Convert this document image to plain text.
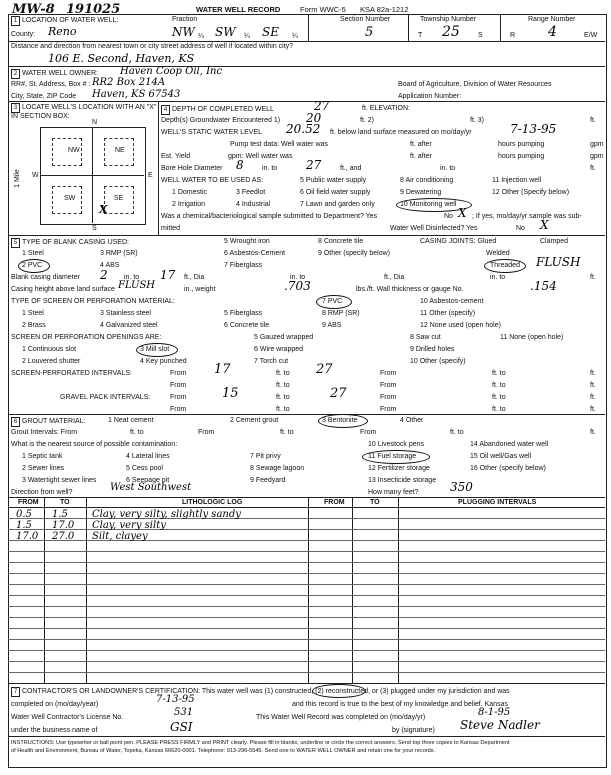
MW-8 191025	WATER WELL RECORD	Form WWC-5 KSA 82a-1212
1 LOCATION OF WATER WELL:
County: Reno
Fraction
NW ¼ SW ¼ SE ¼
Section Number
5
Township Number
T 25	S
Range Number
R 4	E/W
Distance and direction from nearest town or city street address of well if located within city?
106 E. Second, Haven, KS
2 WATER WELL OWNER: Haven Coop Oil, Inc
RR#, St. Address, Box # : RR2 Box 214A	Board of Agriculture, Division of Water Resources
City, State, ZIP Code Haven, KS 67543	Application Number:
3 LOCATE WELL'S LOCATION WITH AN "X" IN SECTION BOX:
N
NW	NE
SW	SE
X
W	E
S
1 Mile
4 DEPTH OF COMPLETED WELL	27	ft. ELEVATION:
Depth(s) Groundwater Encountered 1) 20	ft. 2)	ft. 3)	ft.
WELL'S STATIC WATER LEVEL 20.52 ft. below land surface measured on mo/day/yr	7-13-95
Pump test data: Well water was	ft. after	hours pumping	gpm
Est. Yield	gpm: Well water was	ft. after	hours pumping	gpm
Bore Hole Diameter 8	in. to 27	ft., and	in. to	ft.
WELL WATER TO BE USED AS:	5 Public water supply	8 Air conditioning	11 Injection well
1 Domestic	3 Feedlot	6 Oil field water supply	9 Dewatering	12 Other (Specify below)
2 Irrigation	4 Industrial	7 Lawn and garden only	10 Monitoring well
Was a chemical/bacteriological sample submitted to Department? Yes	No X ; If yes, mo/day/yr sample was sub-
mitted	Water Well Disinfected? Yes	No X
5 TYPE OF BLANK CASING USED:	5 Wrought iron	8 Concrete tile	CASING JOINTS: Glued	Clamped
1 Steel	3 RMP (SR)	6 Asbestos-Cement	9 Other (specify below)
2 PVC	4 ABS	7 Fiberglass
Welded
Threaded FLUSH
Blank casing diameter 2 in. to 17 ft., Dia	in. to	ft., Dia	in. to	ft.
Casing height above land surface FLUSH	in., weight	.703	lbs./ft. Wall thickness or gauge No.	.154
TYPE OF SCREEN OR PERFORATION MATERIAL:	7 PVC	10 Asbestos-cement
1 Steel	3 Stainless steel	5 Fiberglass	8 RMP (SR)	11 Other (specify)
2 Brass	4 Galvanized steel	6 Concrete tile	9 ABS	12 None used (open hole)
SCREEN OR PERFORATION OPENINGS ARE:
1 Continuous slot	3 Mill slot
5 Gauzed wrapped	8 Saw cut	11 None (open hole)
6 Wire wrapped	9 Drilled holes
2 Louvered shutter	4 Key punched	7 Torch cut	10 Other (specify)
SCREEN-PERFORATED INTERVALS:	From 17	ft. to 27	From	ft. to	ft.
From	ft. to	From	ft. to	ft.
GRAVEL PACK INTERVALS:	From	15	ft. to	27	From	ft. to	ft.
From	ft. to	From	ft. to	ft.
6 GROUT MATERIAL:	1 Neat cement	2 Cement grout	3 Bentonite	4 Other
Grout Intervals: From	ft. to	From	ft. to	From	ft. to	ft.
What is the nearest source of possible contamination:	10 Livestock pens	14 Abandoned water well
1 Septic tank	4 Lateral lines	7 Pit privy	11 Fuel storage	15 Oil well/Gas well
2 Sewer lines	5 Cess pool	8 Sewage lagoon	12 Fertilizer storage	16 Other (specify below)
3 Watertight sewer lines	6 Seepage pit	9 Feedyard	13 Insecticide storage
Direction from well?	West Southwest	How many feet?	350
FROM	TO	LITHOLOGIC LOG	FROM	TO	PLUGGING INTERVALS
0.5 1.5 Clay, very silty, slightly sandy
1.5 17.0 Clay, very silty
17.0 27.0 Silt, clayey
7 CONTRACTOR'S OR LANDOWNER'S CERTIFICATION: This water well was (1) constructed, (2) reconstructed, or (3) plugged under my jurisdiction and was
completed on (mo/day/year)	7-13-95	and this record is true to the best of my knowledge and belief. Kansas
Water Well Contractor's License No.	531	This Water Well Record was completed on (mo/day/yr)	8-1-95
under the business name of	GSI	by (signature) Steve Nadler
INSTRUCTIONS: Use typewriter or ball point pen. PLEASE PRESS FIRMLY and PRINT clearly. Please fill in blanks, underline or circle the correct answers. Send top three copies to Kansas Department
of Health and Environment, Bureau of Water, Topeka, Kansas 66620-0001. Telephone: 913-296-5545. Send one to WATER WELL OWNER and retain one for your records.
